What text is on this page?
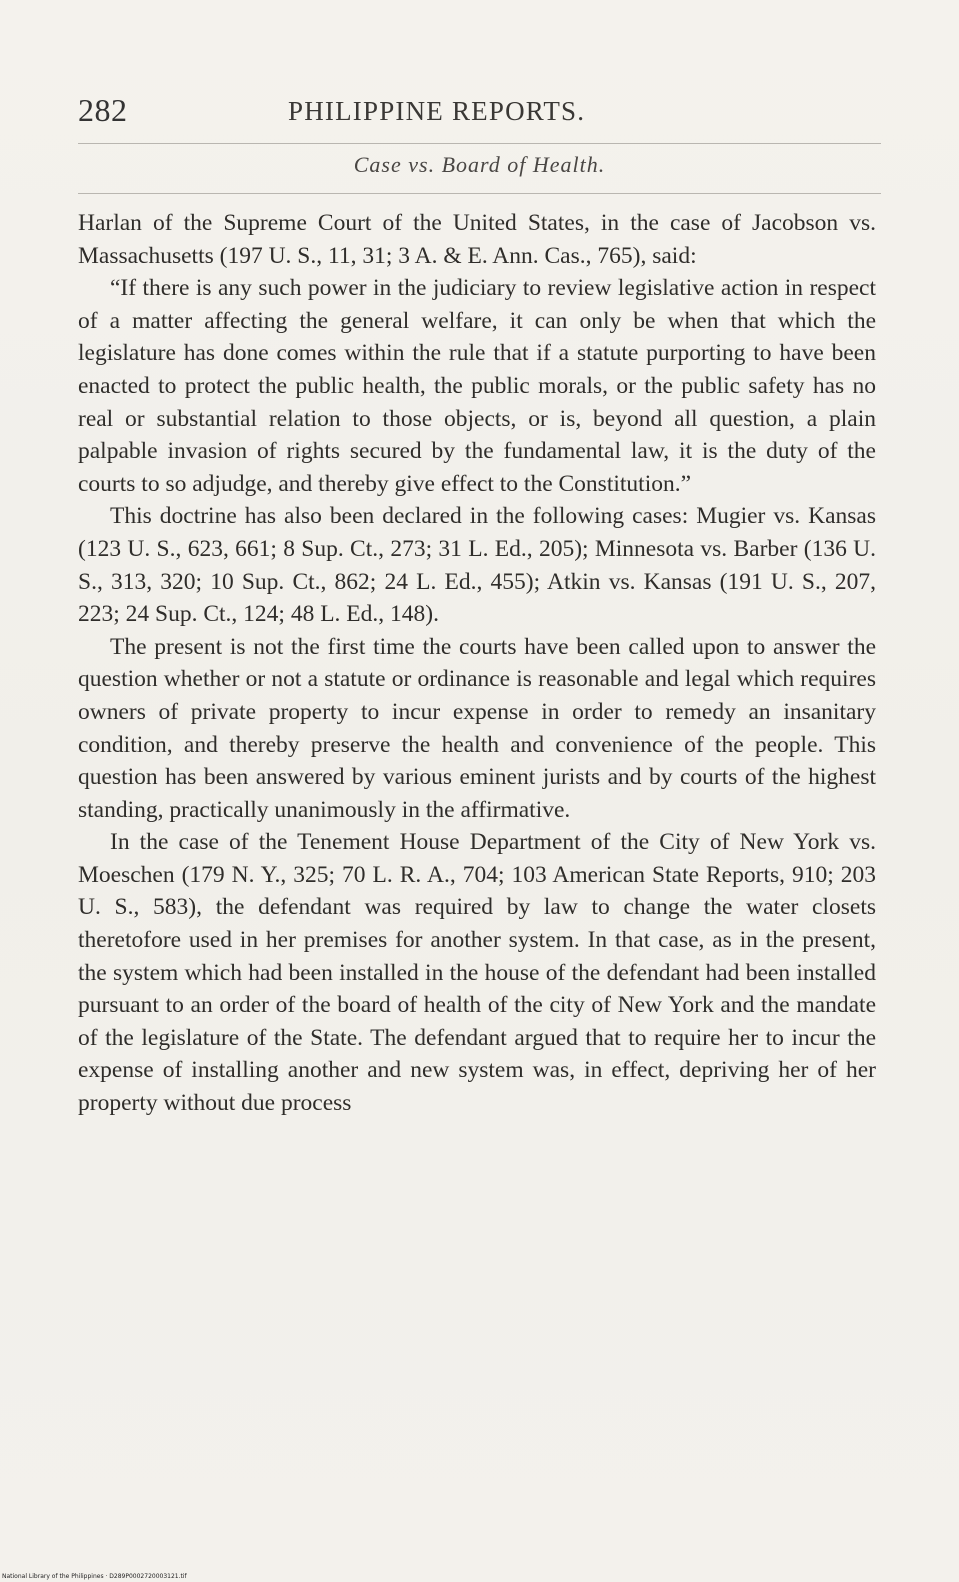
282	PHILIPPINE REPORTS.
Case vs. Board of Health.

Harlan of the Supreme Court of the United States, in the case of Jacobson vs. Massachusetts (197 U. S., 11, 31; 3 A. & E. Ann. Cas., 765), said:

“If there is any such power in the judiciary to review legislative action in respect of a matter affecting the general welfare, it can only be when that which the legislature has done comes within the rule that if a statute purporting to have been enacted to protect the public health, the public morals, or the public safety has no real or substantial relation to those objects, or is, beyond all question, a plain palpable invasion of rights secured by the fundamental law, it is the duty of the courts to so adjudge, and thereby give effect to the Constitution.”

This doctrine has also been declared in the following cases: Mugier vs. Kansas (123 U. S., 623, 661; 8 Sup. Ct., 273; 31 L. Ed., 205); Minnesota vs. Barber (136 U. S., 313, 320; 10 Sup. Ct., 862; 24 L. Ed., 455); Atkin vs. Kansas (191 U. S., 207, 223; 24 Sup. Ct., 124; 48 L. Ed., 148).

The present is not the first time the courts have been called upon to answer the question whether or not a statute or ordinance is reasonable and legal which requires owners of private property to incur expense in order to remedy an insanitary condition, and thereby preserve the health and convenience of the people. This question has been answered by various eminent jurists and by courts of the highest standing, practically unanimously in the affirmative.

In the case of the Tenement House Department of the City of New York vs. Moeschen (179 N. Y., 325; 70 L. R. A., 704; 103 American State Reports, 910; 203 U. S., 583), the defendant was required by law to change the water closets theretofore used in her premises for another system. In that case, as in the present, the system which had been installed in the house of the defendant had been installed pursuant to an order of the board of health of the city of New York and the mandate of the legislature of the State. The defendant argued that to require her to incur the expense of installing another and new system was, in effect, depriving her of her property without due process

National Library of the Philippines · D289P0002720003121.tif
